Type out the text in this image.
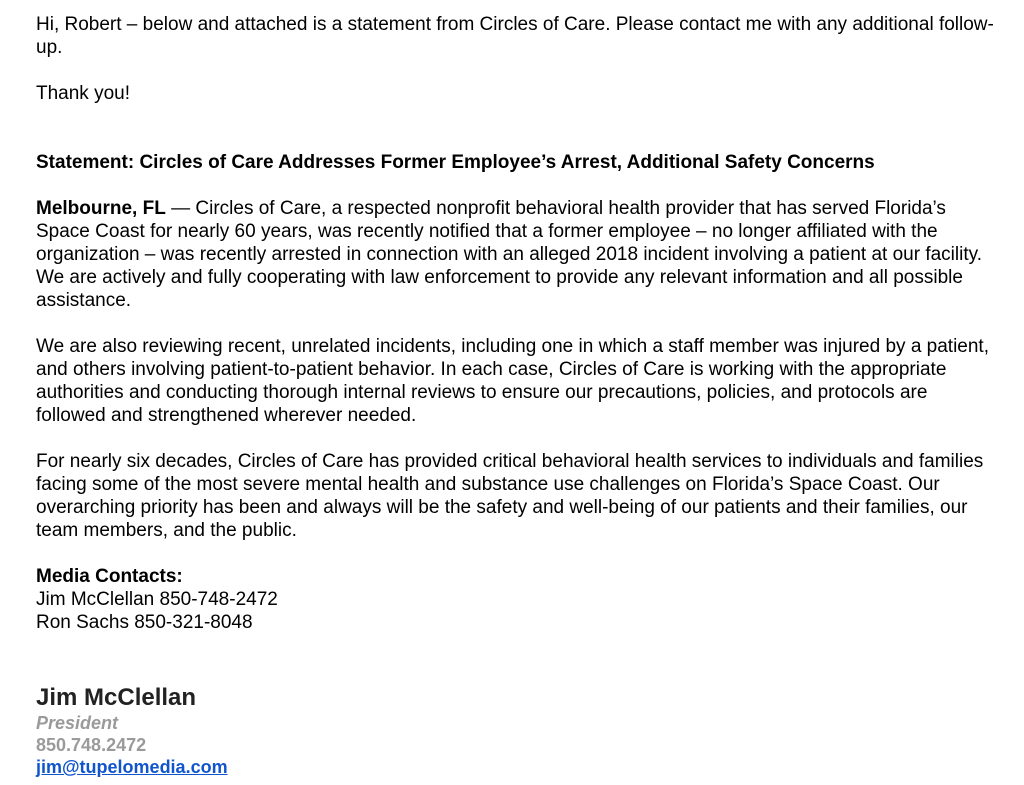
Hi, Robert – below and attached is a statement from Circles of Care. Please contact me with any additional follow-up.

Thank you!

Statement: Circles of Care Addresses Former Employee’s Arrest, Additional Safety Concerns

Melbourne, FL — Circles of Care, a respected nonprofit behavioral health provider that has served Florida’s Space Coast for nearly 60 years, was recently notified that a former employee – no longer affiliated with the organization – was recently arrested in connection with an alleged 2018 incident involving a patient at our facility. We are actively and fully cooperating with law enforcement to provide any relevant information and all possible assistance.

We are also reviewing recent, unrelated incidents, including one in which a staff member was injured by a patient, and others involving patient-to-patient behavior. In each case, Circles of Care is working with the appropriate authorities and conducting thorough internal reviews to ensure our precautions, policies, and protocols are followed and strengthened wherever needed.

For nearly six decades, Circles of Care has provided critical behavioral health services to individuals and families facing some of the most severe mental health and substance use challenges on Florida’s Space Coast. Our overarching priority has been and always will be the safety and well-being of our patients and their families, our team members, and the public.

Media Contacts:

Jim McClellan 850-748-2472

Ron Sachs 850-321-8048

Jim McClellan
President
850.748.2472
jim@tupelomedia.com
